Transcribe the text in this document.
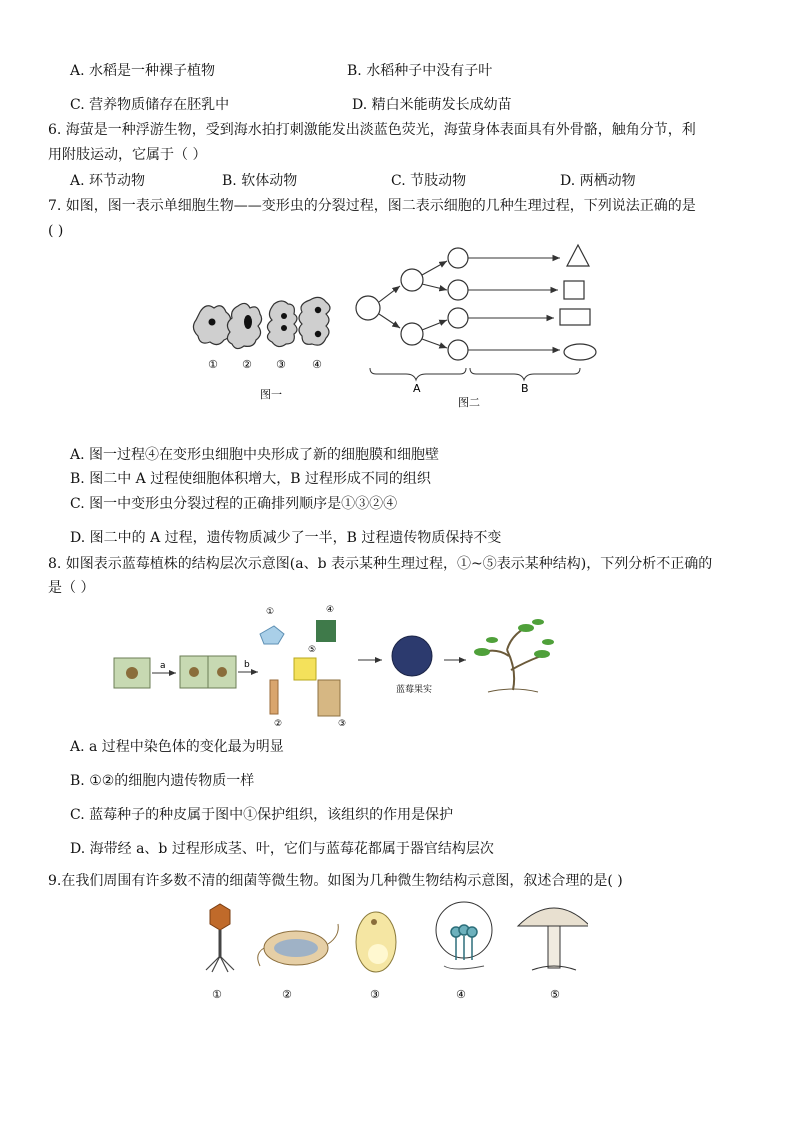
A. 水稻是一种裸子植物	B. 水稻种子中没有子叶
C. 营养物质储存在胚乳中	D. 精白米能萌发长成幼苗
6. 海萤是一种浮游生物，受到海水拍打刺激能发出淡蓝色荧光，海萤身体表面具有外骨骼，触角分节，利
用附肢运动，它属于（ ）
A. 环节动物	B. 软体动物	C. 节肢动物	D. 两栖动物
7. 如图，图一表示单细胞生物——变形虫的分裂过程，图二表示细胞的几种生理过程，下列说法正确的是
( )
① ② ③ ④
图一	A	B
图二
A. 图一过程④在变形虫细胞中央形成了新的细胞膜和细胞壁
B. 图二中 A 过程使细胞体积增大，B 过程形成不同的组织
C. 图一中变形虫分裂过程的正确排列顺序是①③②④
D. 图二中的 A 过程，遗传物质减少了一半，B 过程遗传物质保持不变
8. 如图表示蓝莓植株的结构层次示意图(a、b 表示某种生理过程，①~⑤表示某种结构)，下列分析不正确的
是（ ）
a	b
①	④
⑤
②	③
蓝莓果实
A. a 过程中染色体的变化最为明显
B. ①②的细胞内遗传物质一样
C. 蓝莓种子的种皮属于图中①保护组织，该组织的作用是保护
D. 海带经 a、b 过程形成茎、叶，它们与蓝莓花都属于器官结构层次
9.在我们周围有许多数不清的细菌等微生物。如图为几种微生物结构示意图，叙述合理的是( )
①	②	③	④	⑤
